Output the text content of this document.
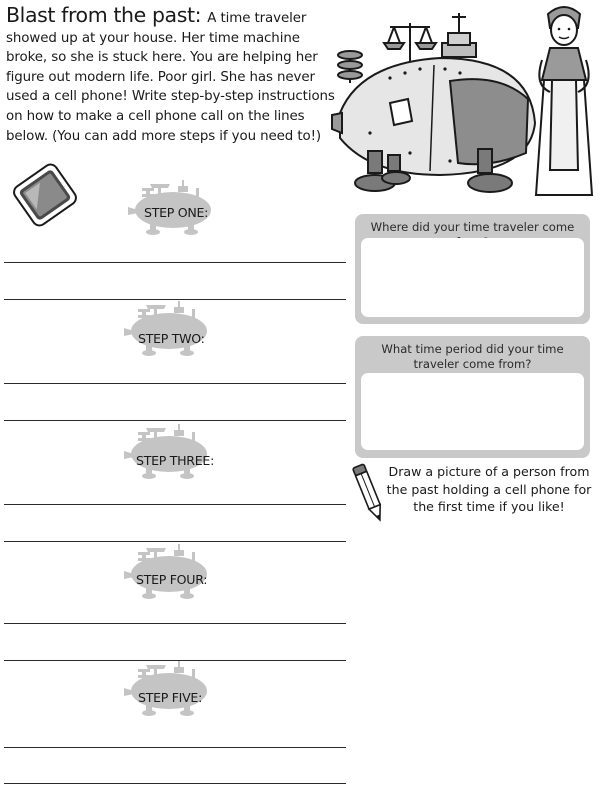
Blast from the past: A time traveler showed up at your house. Her time machine broke, so she is stuck here. You are helping her figure out modern life. Poor girl. She has never used a cell phone! Write step-by-step instructions on how to make a cell phone call on the lines below. (You can add more steps if you need to!)
STEP ONE:
STEP TWO:
STEP THREE:
STEP FOUR:
STEP FIVE:
Where did your time traveler come
What time period did your time traveler come from?
Draw a picture of a person from the past holding a cell phone for the first time if you like!
